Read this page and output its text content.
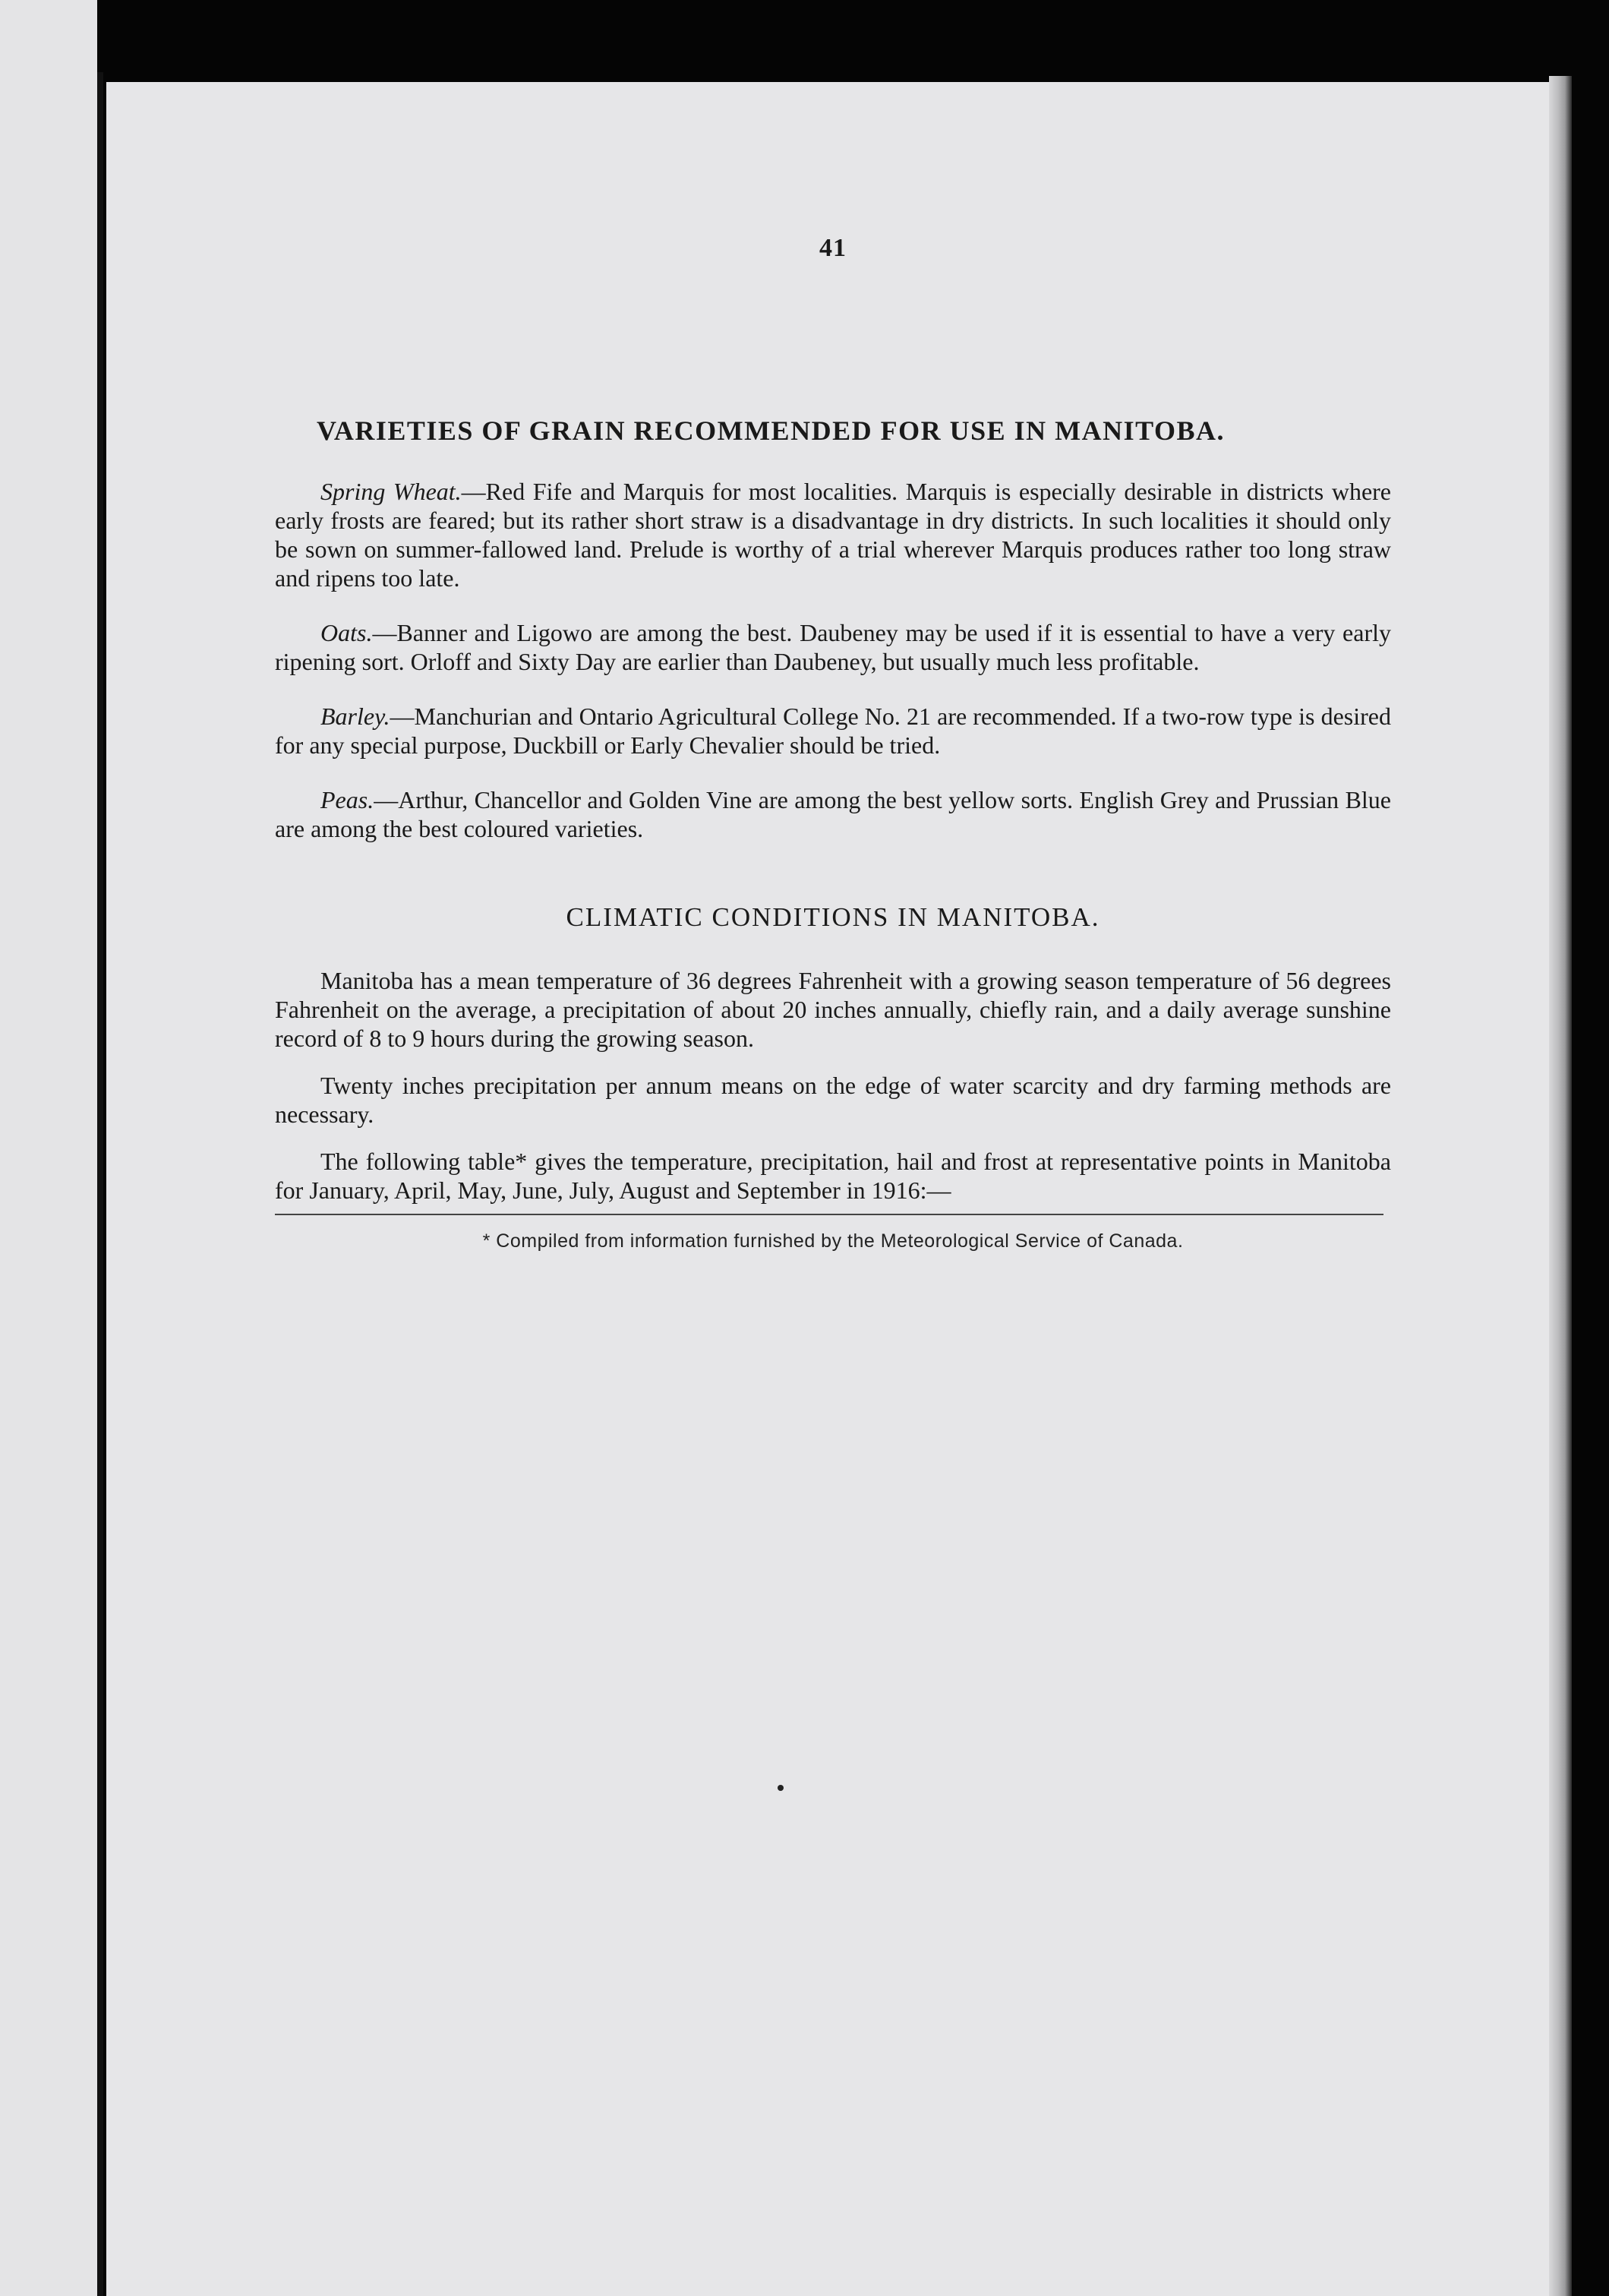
41
VARIETIES OF GRAIN RECOMMENDED FOR USE IN MANITOBA.

Spring Wheat.—Red Fife and Marquis for most localities. Marquis is especially desirable in districts where early frosts are feared; but its rather short straw is a disadvantage in dry districts. In such localities it should only be sown on summer-fallowed land. Prelude is worthy of a trial wherever Marquis produces rather too long straw and ripens too late.

Oats.—Banner and Ligowo are among the best. Daubeney may be used if it is essential to have a very early ripening sort. Orloff and Sixty Day are earlier than Daubeney, but usually much less profitable.

Barley.—Manchurian and Ontario Agricultural College No. 21 are recommended. If a two-row type is desired for any special purpose, Duckbill or Early Chevalier should be tried.

Peas.—Arthur, Chancellor and Golden Vine are among the best yellow sorts. English Grey and Prussian Blue are among the best coloured varieties.

CLIMATIC CONDITIONS IN MANITOBA.

Manitoba has a mean temperature of 36 degrees Fahrenheit with a growing season temperature of 56 degrees Fahrenheit on the average, a precipitation of about 20 inches annually, chiefly rain, and a daily average sunshine record of 8 to 9 hours during the growing season.

Twenty inches precipitation per annum means on the edge of water scarcity and dry farming methods are necessary.

The following table* gives the temperature, precipitation, hail and frost at representative points in Manitoba for January, April, May, June, July, August and September in 1916:—

* Compiled from information furnished by the Meteorological Service of Canada.
